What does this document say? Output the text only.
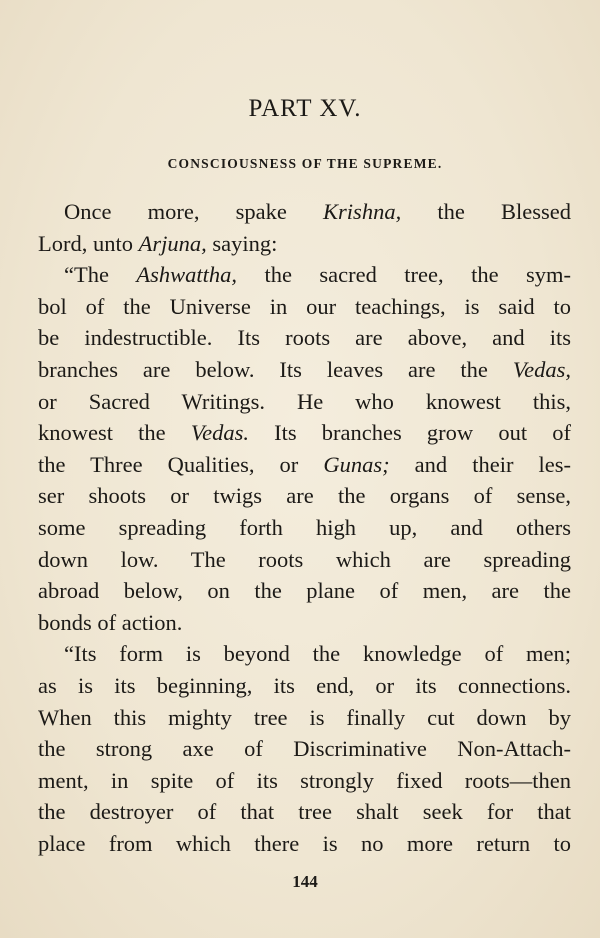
PART XV.
CONSCIOUSNESS OF THE SUPREME.
Once more, spake Krishna, the Blessed
Lord, unto Arjuna, saying:
“The Ashwattha, the sacred tree, the sym-
bol of the Universe in our teachings, is said to
be indestructible. Its roots are above, and its
branches are below. Its leaves are the Vedas,
or Sacred Writings. He who knowest this,
knowest the Vedas. Its branches grow out of
the Three Qualities, or Gunas; and their les-
ser shoots or twigs are the organs of sense,
some spreading forth high up, and others
down low. The roots which are spreading
abroad below, on the plane of men, are the
bonds of action.
“Its form is beyond the knowledge of men;
as is its beginning, its end, or its connections.
When this mighty tree is finally cut down by
the strong axe of Discriminative Non-Attach-
ment, in spite of its strongly fixed roots—then
the destroyer of that tree shalt seek for that
place from which there is no more return to
144
